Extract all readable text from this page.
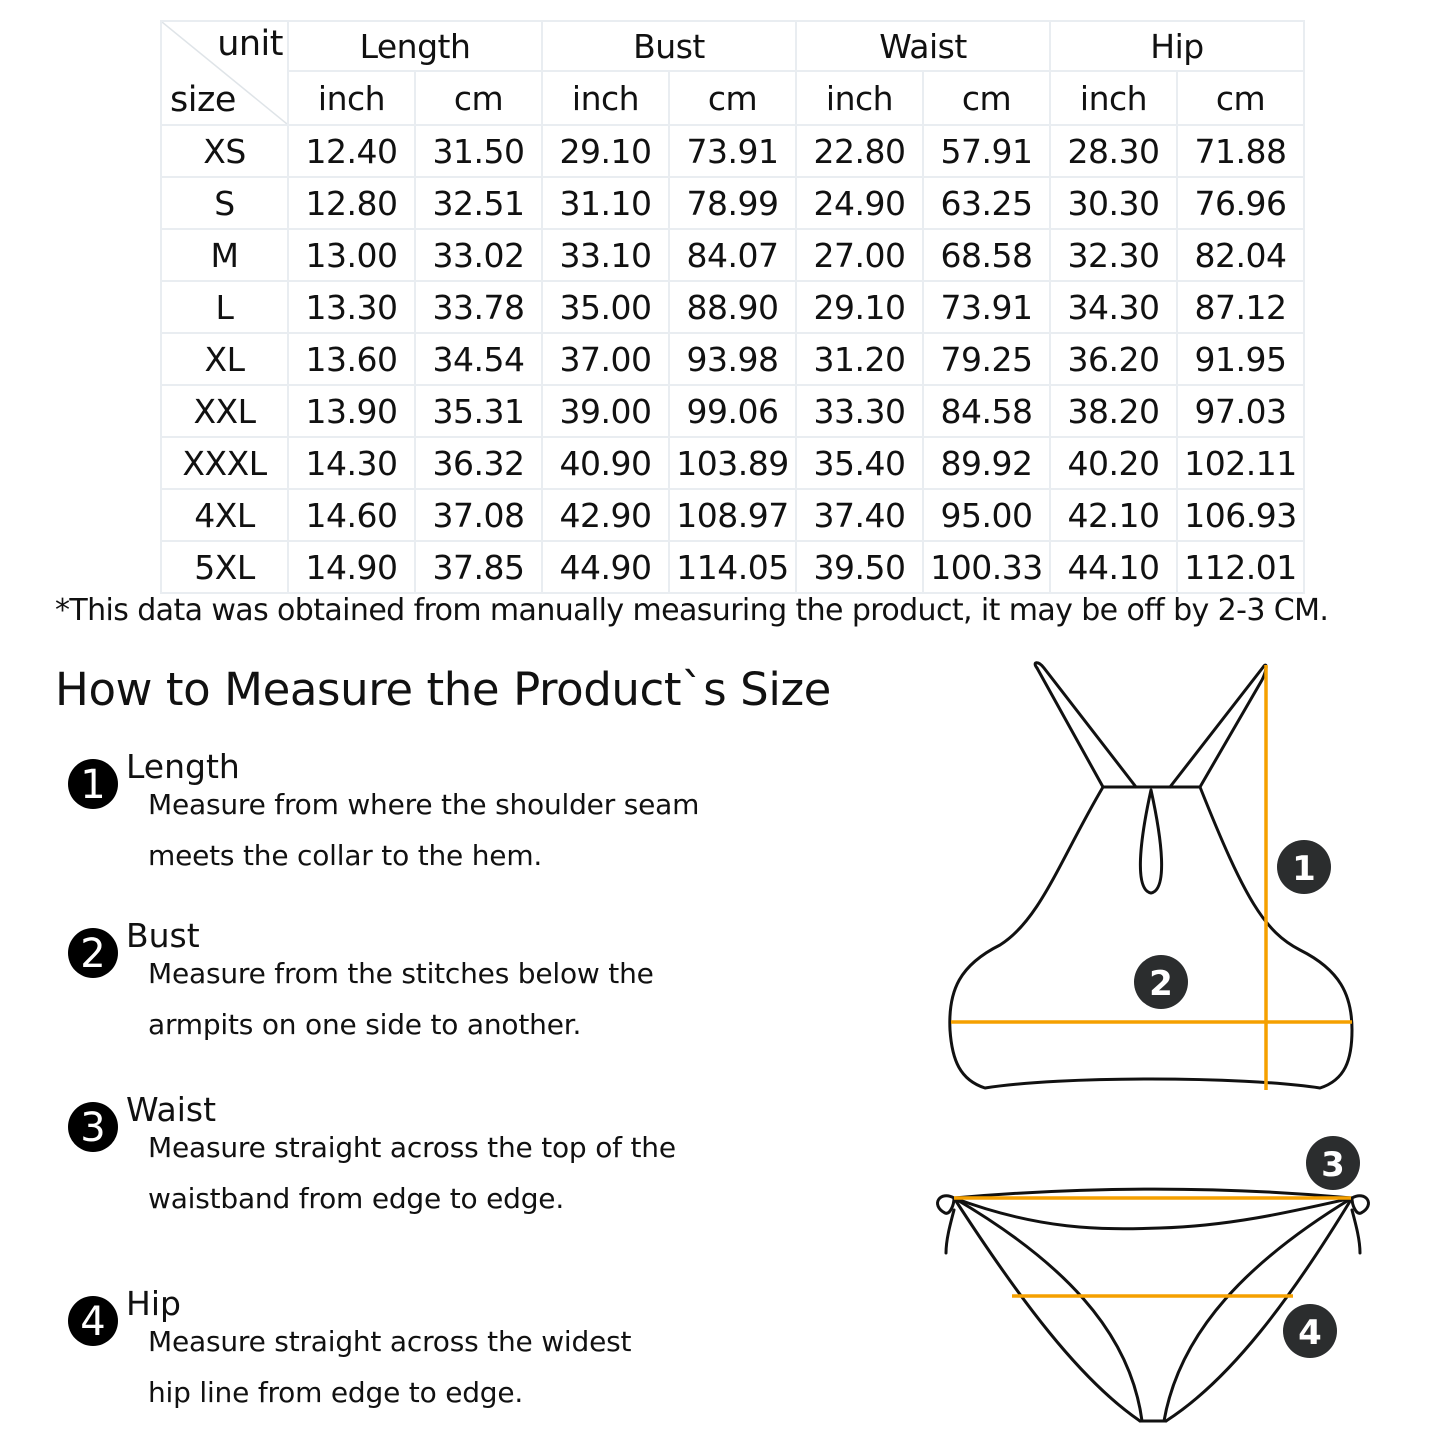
unit
size	Length		Bust		Waist		Hip	
	inch	cm	inch	cm	inch	cm	inch	cm
XS	12.40	31.50	29.10	73.91	22.80	57.91	28.30	71.88
S	12.80	32.51	31.10	78.99	24.90	63.25	30.30	76.96
M	13.00	33.02	33.10	84.07	27.00	68.58	32.30	82.04
L	13.30	33.78	35.00	88.90	29.10	73.91	34.30	87.12
XL	13.60	34.54	37.00	93.98	31.20	79.25	36.20	91.95
XXL	13.90	35.31	39.00	99.06	33.30	84.58	38.20	97.03
XXXL	14.30	36.32	40.90	103.89	35.40	89.92	40.20	102.11
4XL	14.60	37.08	42.90	108.97	37.40	95.00	42.10	106.93
5XL	14.90	37.85	44.90	114.05	39.50	100.33	44.10	112.01
*This data was obtained from manually measuring the product, it may be off by 2-3 CM.
How to Measure the Product`s Size
1 Length
Measure from where the shoulder seam
meets the collar to the hem.
2 Bust
Measure from the stitches below the
armpits on one side to another.
3 Waist
Measure straight across the top of the
waistband from edge to edge.
4 Hip
Measure straight across the widest
hip line from edge to edge.
1
2
3
4
